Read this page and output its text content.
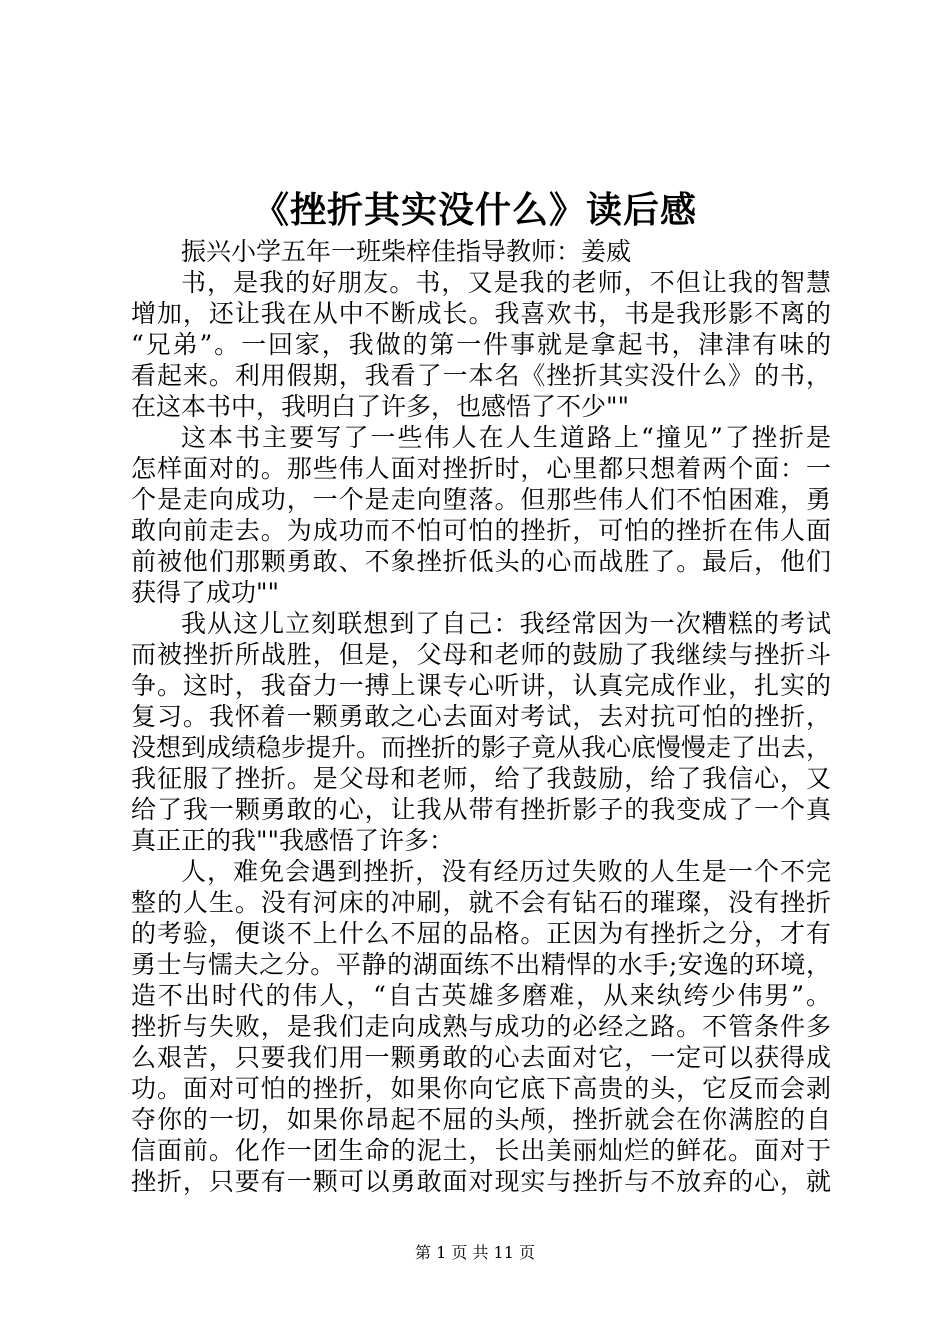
《挫折其实没什么》读后感
振兴小学五年一班柴梓佳指导教师：姜威
书，是我的好朋友。书，又是我的老师，不但让我的智慧
增加，还让我在从中不断成长。我喜欢书，书是我形影不离的
“兄弟”。一回家，我做的第一件事就是拿起书，津津有味的
看起来。利用假期，我看了一本名《挫折其实没什么》的书，
在这本书中，我明白了许多，也感悟了不少""
这本书主要写了一些伟人在人生道路上“撞见”了挫折是
怎样面对的。那些伟人面对挫折时，心里都只想着两个面：一
个是走向成功，一个是走向堕落。但那些伟人们不怕困难，勇
敢向前走去。为成功而不怕可怕的挫折，可怕的挫折在伟人面
前被他们那颗勇敢、不象挫折低头的心而战胜了。最后，他们
获得了成功""
我从这儿立刻联想到了自己：我经常因为一次糟糕的考试
而被挫折所战胜，但是，父母和老师的鼓励了我继续与挫折斗
争。这时，我奋力一搏上课专心听讲，认真完成作业，扎实的
复习。我怀着一颗勇敢之心去面对考试，去对抗可怕的挫折，
没想到成绩稳步提升。而挫折的影子竟从我心底慢慢走了出去，
我征服了挫折。是父母和老师，给了我鼓励，给了我信心，又
给了我一颗勇敢的心，让我从带有挫折影子的我变成了一个真
真正正的我""我感悟了许多：
人，难免会遇到挫折，没有经历过失败的人生是一个不完
整的人生。没有河床的冲刷，就不会有钻石的璀璨，没有挫折
的考验，便谈不上什么不屈的品格。正因为有挫折之分，才有
勇士与懦夫之分。平静的湖面练不出精悍的水手;安逸的环境，
造不出时代的伟人，“自古英雄多磨难，从来纨绔少伟男”。
挫折与失败，是我们走向成熟与成功的必经之路。不管条件多
么艰苦，只要我们用一颗勇敢的心去面对它，一定可以获得成
功。面对可怕的挫折，如果你向它底下高贵的头，它反而会剥
夺你的一切，如果你昂起不屈的头颅，挫折就会在你满腔的自
信面前。化作一团生命的泥土，长出美丽灿烂的鲜花。面对于
挫折，只要有一颗可以勇敢面对现实与挫折与不放弃的心，就
第 1 页 共 11 页
